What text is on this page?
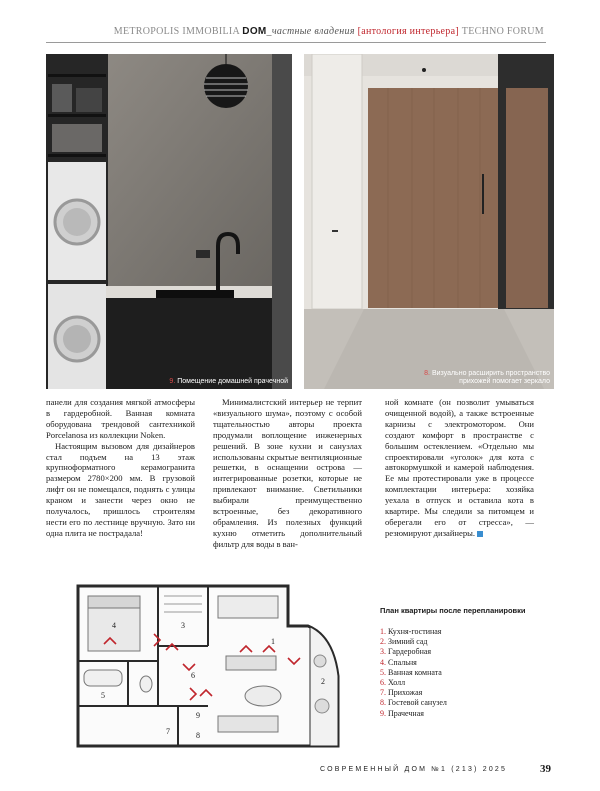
METROPOLIS IMMOBILIA DOM_частные владения [антология интерьера] TECHNO FORUM
9. Помещение домашней прачечной
8. Визуально расширить пространство
прихожей помогает зеркало

панели для создания мягкой атмосферы в гардеробной. Ванная комната оборудована трендовой сантехникой Porcelanosa из коллекции Noken.

Настоящим вызовом для дизайнеров стал подъем на 13 этаж крупноформатного керамогранита размером 2780×200 мм. В грузовой лифт он не помещался, поднять с улицы краном и занести через окно не получалось, пришлось строителям нести его по лестнице вручную. Зато ни одна плита не пострадала!

Минималистский интерьер не терпит «визуального шума», поэтому с особой тщательностью авторы проекта продумали воплощение инженерных решений. В зоне кухни и санузлах использованы скрытые вентиляционные решетки, в оснащении острова — интегрированные розетки, которые не привлекают внимание. Светильники выбирали преимущественно встроенные, без декоративного обрамления. Из полезных функций кухню отметить дополнительный фильтр для воды в ван-

ной комнате (он позволит умываться очищенной водой), а также встроенные карнизы с электромотором. Они создают комфорт в пространстве с большим остеклением. «Отдельно мы спроектировали «уголок» для кота с автокормушкой и камерой наблюдения. Ее мы протестировали уже в процессе комплектации интерьера: хозяйка уехала в отпуск и оставила кота в квартире. Мы следили за питомцем и оберегали его от стресса», — резюмируют дизайнеры.

1
2
3
4
5
6
7	8
9
План квартиры после перепланировки
1. Кухня-гостиная
2. Зимний сад
3. Гардеробная
4. Спальня
5. Ванная комната
6. Холл
7. Прихожая
8. Гостевой санузел
9. Прачечная
СОВРЕМЕННЫЙ ДОМ №1 (213) 2025	39
